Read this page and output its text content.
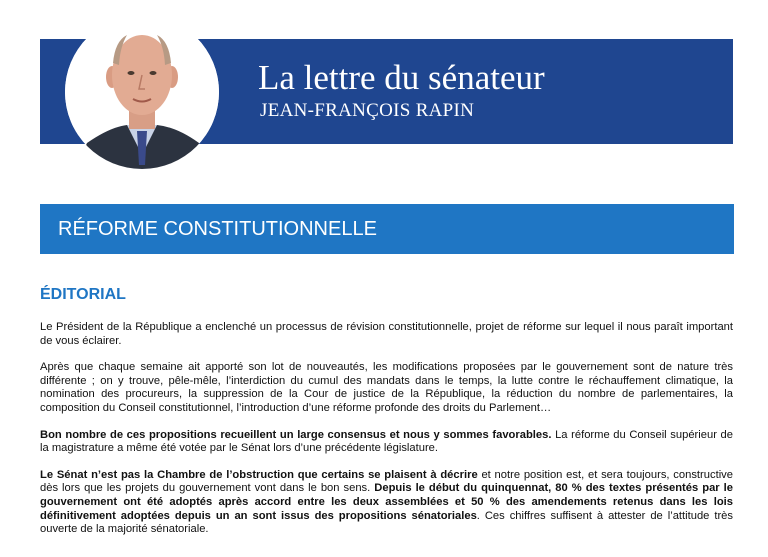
La lettre du sénateur
JEAN-FRANÇOIS RAPIN
RÉFORME CONSTITUTIONNELLE
ÉDITORIAL

Le Président de la République a enclenché un processus de révision constitutionnelle, projet de réforme sur lequel il nous paraît important de vous éclairer.

Après que chaque semaine ait apporté son lot de nouveautés, les modifications proposées par le gouvernement sont de nature très différente ; on y trouve, pêle-mêle, l’interdiction du cumul des mandats dans le temps, la lutte contre le réchauffement climatique, la nomination des procureurs, la suppression de la Cour de justice de la République, la réduction du nombre de parlementaires, la composition du Conseil constitutionnel, l’introduction d’une réforme profonde des droits du Parlement…

Bon nombre de ces propositions recueillent un large consensus et nous y sommes favorables. La réforme du Conseil supérieur de la magistrature a même été votée par le Sénat lors d’une précédente législature.

Le Sénat n’est pas la Chambre de l’obstruction que certains se plaisent à décrire et notre position est, et sera toujours, constructive dès lors que les projets du gouvernement vont dans le bon sens. Depuis le début du quinquennat, 80 % des textes présentés par le gouvernement ont été adoptés après accord entre les deux assemblées et 50 % des amendements retenus dans les lois définitivement adoptées depuis un an sont issus des propositions sénatoriales. Ces chiffres suffisent à attester de l’attitude très ouverte de la majorité sénatoriale.
